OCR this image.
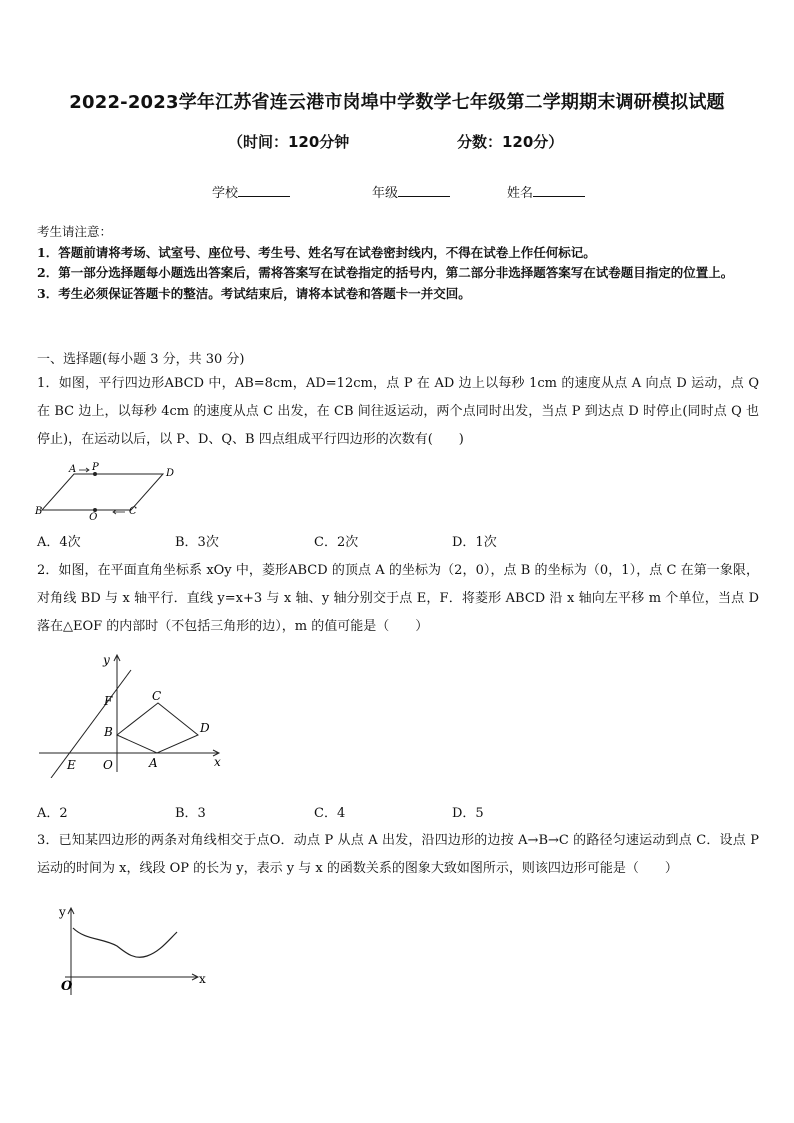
2022-2023学年江苏省连云港市岗埠中学数学七年级第二学期期末调研模拟试题
（时间：120分钟	分数：120分）
学校	年级	姓名
考生请注意：
1．答题前请将考场、试室号、座位号、考生号、姓名写在试卷密封线内，不得在试卷上作任何标记。
2．第一部分选择题每小题选出答案后，需将答案写在试卷指定的括号内，第二部分非选择题答案写在试卷题目指定的位置上。
3．考生必须保证答题卡的整洁。考试结束后，请将本试卷和答题卡一并交回。
一、选择题(每小题 3 分，共 30 分)
1．如图，平行四边形ABCD 中，AB=8cm，AD=12cm，点 P 在 AD 边上以每秒 1cm 的速度从点 A 向点 D 运动，点 Q 在 BC 边上，以每秒 4cm 的速度从点 C 出发，在 CB 间往返运动，两个点同时出发，当点 P 到达点 D 时停止(同时点 Q 也停止)，在运动以后，以 P、D、Q、B 四点组成平行四边形的次数有(　　)
A P
D
B
Q
C
A．4次	B．3次	C．2次	D．1次
2．如图，在平面直角坐标系 xOy 中，菱形ABCD 的顶点 A 的坐标为（2，0），点 B 的坐标为（0，1），点 C 在第一象限，对角线 BD 与 x 轴平行．直线 y=x+3 与 x 轴、y 轴分别交于点 E，F．将菱形 ABCD 沿 x 轴向左平移 m 个单位，当点 D 落在△EOF 的内部时（不包括三角形的边），m 的值可能是（　　）
y
x
F	C
B	D
E O	A
A．2	B．3	C．4	D．5
3．已知某四边形的两条对角线相交于点O．动点 P 从点 A 出发，沿四边形的边按 A→B→C 的路径匀速运动到点 C．设点 P 运动的时间为 x，线段 OP 的长为 y，表示 y 与 x 的函数关系的图象大致如图所示，则该四边形可能是（　　）
y
x
O
